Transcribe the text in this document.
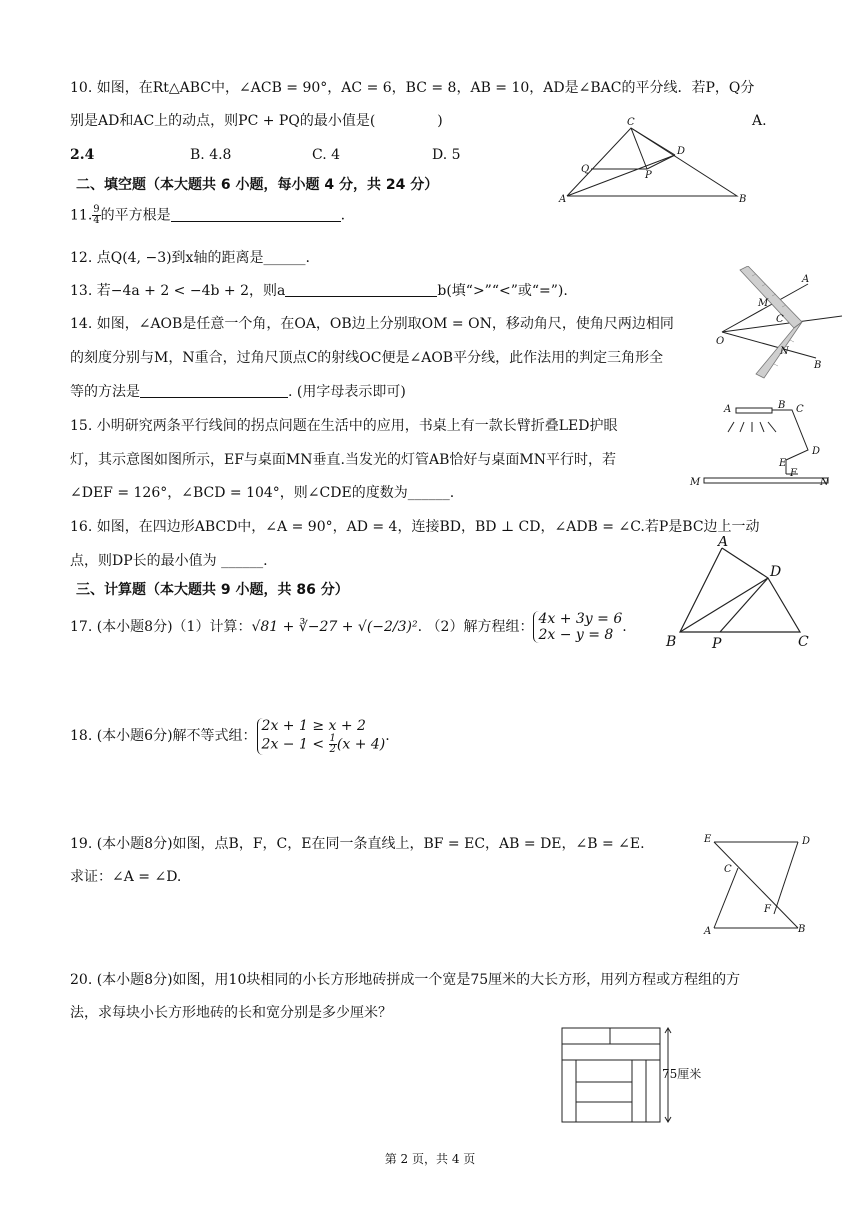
10. 如图，在Rt△ABC中，∠ACB = 90°，AC = 6，BC = 8，AB = 10，AD是∠BAC的平分线．若P，Q分
别是AD和AC上的动点，则PC + PQ的最小值是(	)	A.
2.4	B. 4.8	C. 4	D. 5
C
D
Q
P
A	B
二、填空题（本大题共 6 小题，每小题 4 分，共 24 分）
11. $\frac{9}{4}$ 的平方根是	.
12. 点Q(4, −3)到x轴的距离是______.
13. 若−4a + 2 < −4b + 2，则a	b(填“>”“<”或“=”).
14. 如图，∠AOB是任意一个角，在OA，OB边上分别取OM = ON，移动角尺，使角尺两边相同
的刻度分别与M，N重合，过角尺顶点C的射线OC便是∠AOB平分线，此作法用的判定三角形全
等的方法是	. (用字母表示即可)
A
M
C
O
N
B
15. 小明研究两条平行线间的拐点问题在生活中的应用，书桌上有一款长臂折叠LED护眼
灯，其示意图如图所示，EF与桌面MN垂直.当发光的灯管AB恰好与桌面MN平行时，若
∠DEF = 126°，∠BCD = 104°，则∠CDE的度数为______.
A	B C
D
E
F
M	N
16. 如图，在四边形ABCD中，∠A = 90°，AD = 4，连接BD，BD ⊥ CD，∠ADB = ∠C.若P是BC边上一动
点，则DP长的最小值为 ______.
A
D
B	P	C
三、计算题（本大题共 9 小题，共 86 分）
17. (本小题8分)（1）计算：√81 + ∛−27 + √(−2/3)². （2）解方程组： 4x + 3y = 6
2x − y = 8 .
18. (本小题6分)解不等式组：
2x + 1 ≥ x + 2
$2x - 1 < \frac{1}{2} (x + 4)$ .
19. (本小题8分)如图，点B，F，C，E在同一条直线上，BF = EC，AB = DE，∠B = ∠E.
求证：∠A = ∠D.
E	D
C
F
A	B
20. (本小题8分)如图，用10块相同的小长方形地砖拼成一个宽是75厘米的大长方形，用列方程或方程组的方
法，求每块小长方形地砖的长和宽分别是多少厘米？
75厘米
第 2 页，共 4 页
